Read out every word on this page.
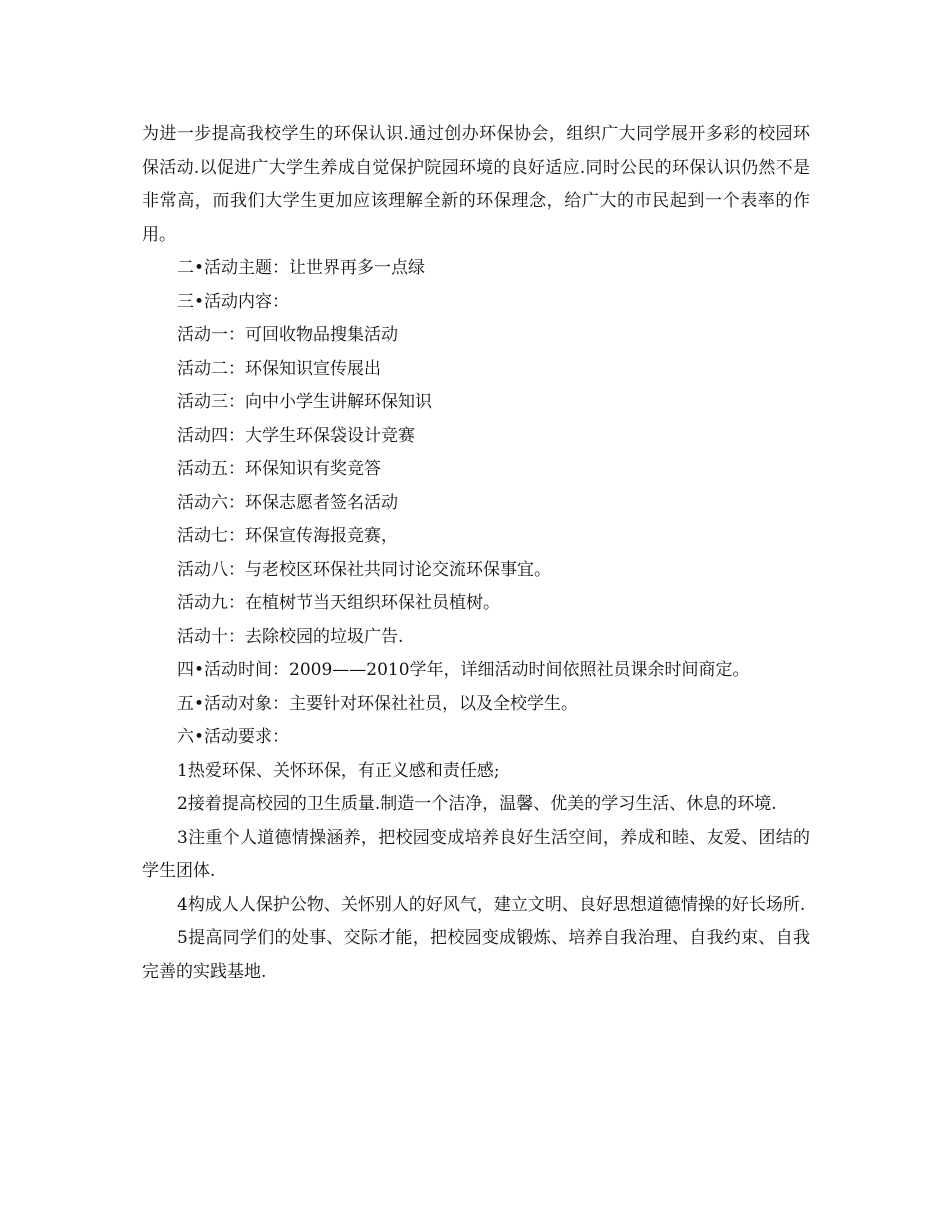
为进一步提高我校学生的环保认识.通过创办环保协会，组织广大同学展开多彩的校园环保活动.以促进广大学生养成自觉保护院园环境的良好适应.同时公民的环保认识仍然不是非常高，而我们大学生更加应该理解全新的环保理念，给广大的市民起到一个表率的作用。

二•活动主题：让世界再多一点绿

三•活动内容：

活动一：可回收物品搜集活动

活动二：环保知识宣传展出

活动三：向中小学生讲解环保知识

活动四：大学生环保袋设计竞赛

活动五：环保知识有奖竞答

活动六：环保志愿者签名活动

活动七：环保宣传海报竞赛，

活动八：与老校区环保社共同讨论交流环保事宜。

活动九：在植树节当天组织环保社员植树。

活动十：去除校园的垃圾广告.

四•活动时间：2009——2010学年，详细活动时间依照社员课余时间商定。

五•活动对象：主要针对环保社社员，以及全校学生。

六•活动要求：

1热爱环保、关怀环保，有正义感和责任感;

2接着提高校园的卫生质量.制造一个洁净，温馨、优美的学习生活、休息的环境.

3注重个人道德情操涵养，把校园变成培养良好生活空间，养成和睦、友爱、团结的学生团体.

4构成人人保护公物、关怀别人的好风气，建立文明、良好思想道德情操的好长场所.

5提高同学们的处事、交际才能，把校园变成锻炼、培养自我治理、自我约束、自我完善的实践基地.
